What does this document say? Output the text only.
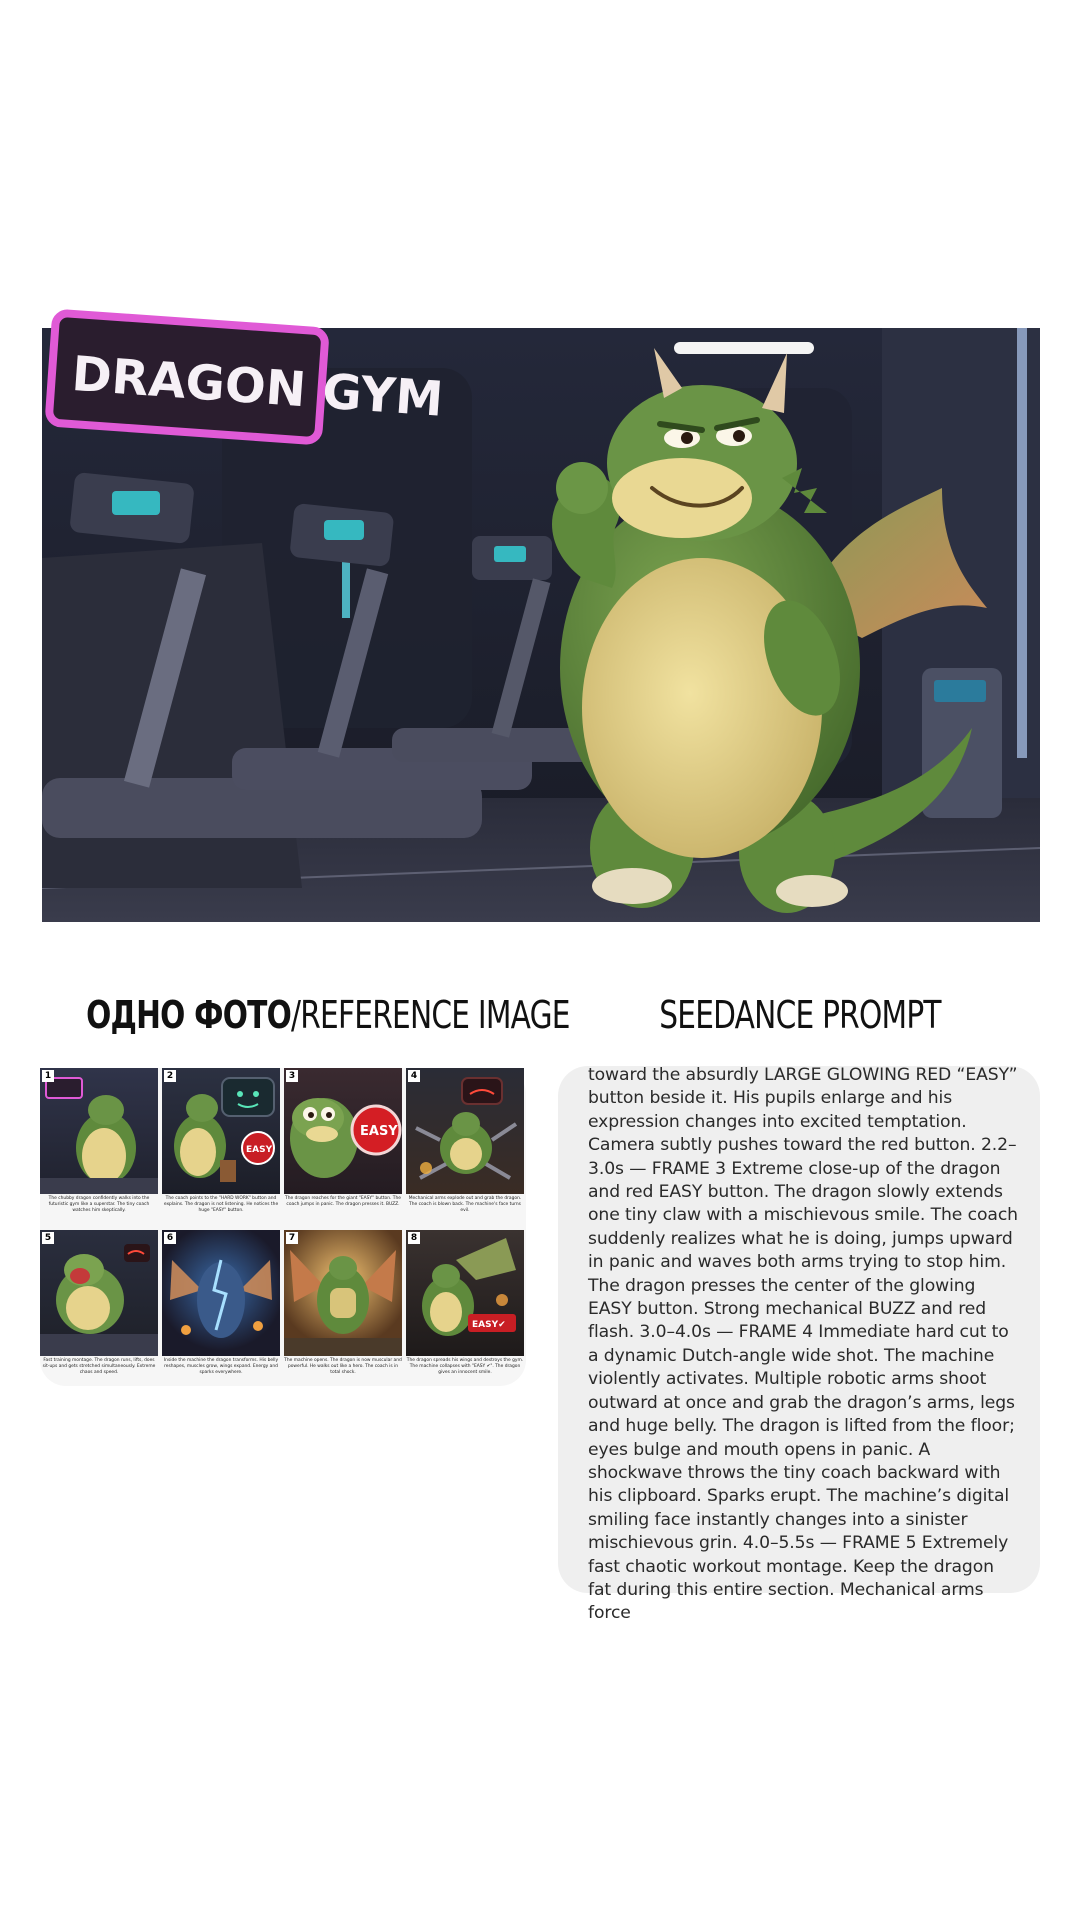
DRAGON GYM
ОДНО ФОТО/REFERENCE IMAGE	SEEDANCE PROMPT
1
The chubby dragon confidently walks into the futuristic gym like a superstar. The tiny coach watches him skeptically.
EASY
2
The coach points to the "HARD WORK" button and explains. The dragon is not listening. He notices the huge "EASY" button.
EASY
3
The dragon reaches for the giant "EASY" button. The coach jumps in panic. The dragon presses it. BUZZ.
4
Mechanical arms explode out and grab the dragon. The coach is blown back. The machine's face turns evil.
5
Fast training montage. The dragon runs, lifts, does sit-ups and gets stretched simultaneously. Extreme chaos and speed.
6
Inside the machine the dragon transforms. His belly reshapes, muscles grow, wings expand. Energy and sparks everywhere.
7
The machine opens. The dragon is now muscular and powerful. He walks out like a hero. The coach is in total shock.
EASY✔
8
The dragon spreads his wings and destroys the gym. The machine collapses with "EASY ✔". The dragon gives an innocent smile.
toward the absurdly LARGE GLOWING RED “EASY” button beside it. His pupils enlarge and his expression changes into excited temptation. Camera subtly pushes toward the red button. 2.2–3.0s — FRAME 3 Extreme close-up of the dragon and red EASY button. The dragon slowly extends one tiny claw with a mischievous smile. The coach suddenly realizes what he is doing, jumps upward in panic and waves both arms trying to stop him. The dragon presses the center of the glowing EASY button. Strong mechanical BUZZ and red flash. 3.0–4.0s — FRAME 4 Immediate hard cut to a dynamic Dutch-angle wide shot. The machine violently activates. Multiple robotic arms shoot outward at once and grab the dragon’s arms, legs and huge belly. The dragon is lifted from the floor; eyes bulge and mouth opens in panic. A shockwave throws the tiny coach backward with his clipboard. Sparks erupt. The machine’s digital smiling face instantly changes into a sinister mischievous grin. 4.0–5.5s — FRAME 5 Extremely fast chaotic workout montage. Keep the dragon fat during this entire section. Mechanical arms force
